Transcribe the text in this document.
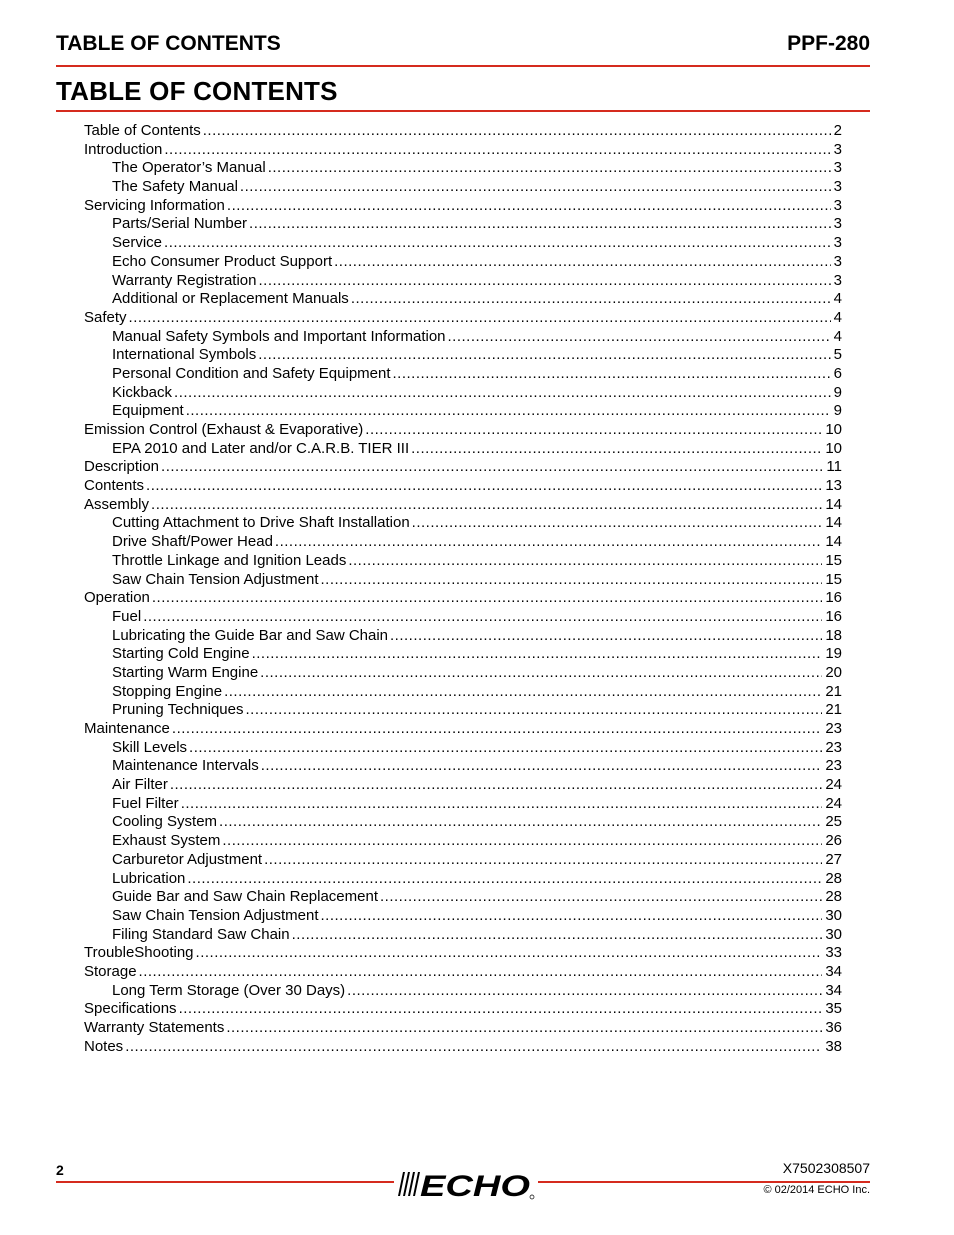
TABLE OF CONTENTS	PPF-280
TABLE OF CONTENTS
Table of Contents .....	2
Introduction .....	3
The Operator’s Manual .....	3
The Safety Manual .....	3
Servicing Information .....	3
Parts/Serial Number .....	3
Service .....	3
Echo Consumer Product Support .....	3
Warranty Registration .....	3
Additional or Replacement Manuals .....	4
Safety .....	4
Manual Safety Symbols and Important Information .....	4
International Symbols .....	5
Personal Condition and Safety Equipment .....	6
Kickback .....	9
Equipment .....	9
Emission Control (Exhaust & Evaporative) .....	10
EPA 2010 and Later and/or C.A.R.B. TIER III .....	10
Description .....	11
Contents .....	13
Assembly .....	14
Cutting Attachment to Drive Shaft Installation .....	14
Drive Shaft/Power Head .....	14
Throttle Linkage and Ignition Leads .....	15
Saw Chain Tension Adjustment .....	15
Operation .....	16
Fuel .....	16
Lubricating the Guide Bar and Saw Chain .....	18
Starting Cold Engine .....	19
Starting Warm Engine .....	20
Stopping Engine .....	21
Pruning Techniques .....	21
Maintenance .....	23
Skill Levels .....	23
Maintenance Intervals .....	23
Air Filter .....	24
Fuel Filter .....	24
Cooling System .....	25
Exhaust System .....	26
Carburetor Adjustment .....	27
Lubrication .....	28
Guide Bar and Saw Chain Replacement .....	28
Saw Chain Tension Adjustment .....	30
Filing Standard Saw Chain .....	30
TroubleShooting .....	33
Storage .....	34
Long Term Storage (Over 30 Days) .....	34
Specifications .....	35
Warranty Statements .....	36
Notes .....	38
2	ECHO
X7502308507
© 02/2014 ECHO Inc.
